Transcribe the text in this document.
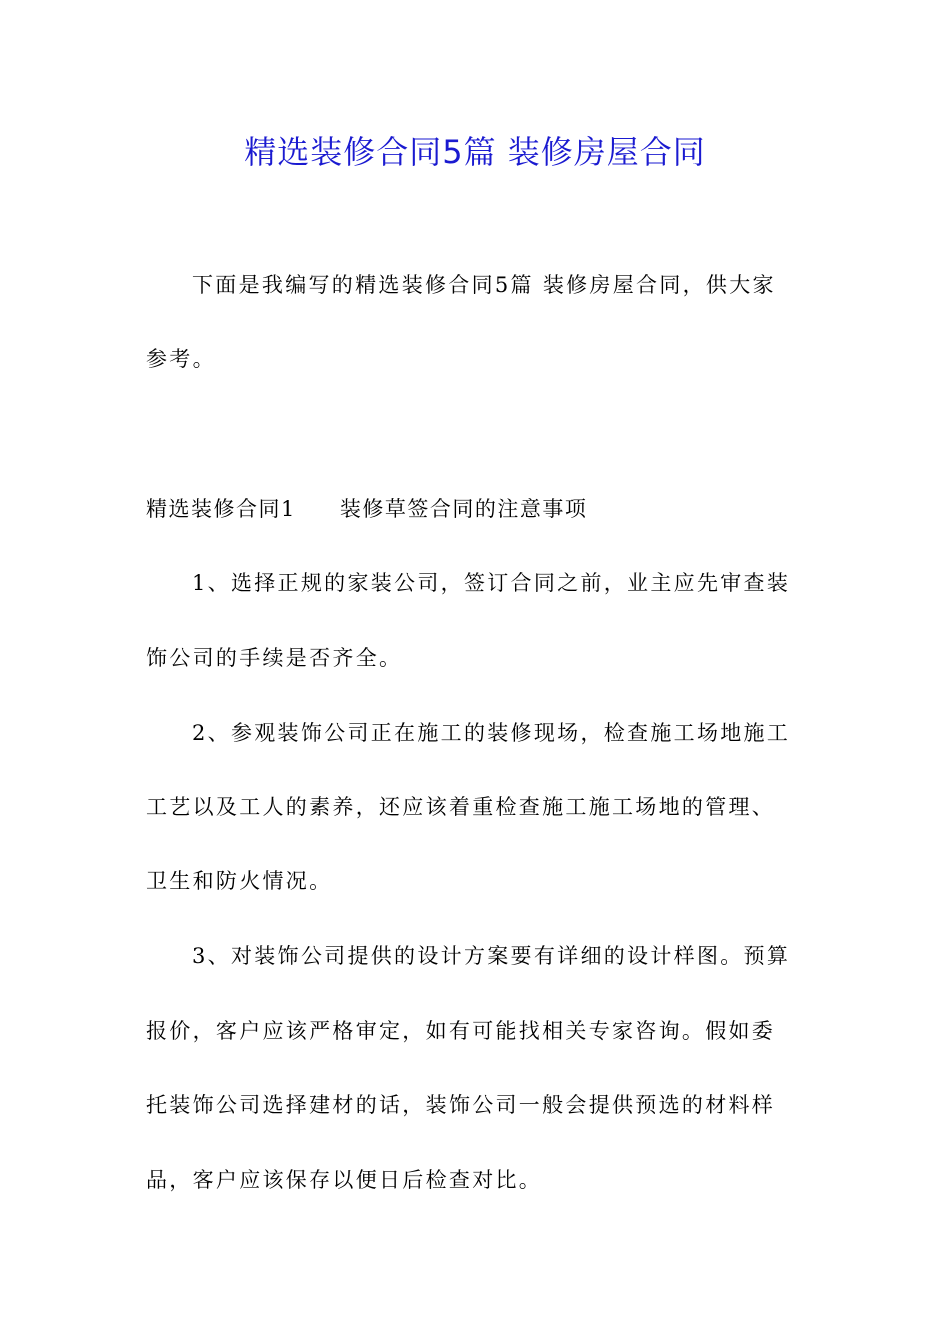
精选装修合同5篇 装修房屋合同
下面是我编写的精选装修合同5篇 装修房屋合同，供大家
参考。
精选装修合同1 装修草签合同的注意事项
1、选择正规的家装公司，签订合同之前，业主应先审查装
饰公司的手续是否齐全。
2、参观装饰公司正在施工的装修现场，检查施工场地施工
工艺以及工人的素养，还应该着重检查施工施工场地的管理、
卫生和防火情况。
3、对装饰公司提供的设计方案要有详细的设计样图。预算
报价，客户应该严格审定，如有可能找相关专家咨询。假如委
托装饰公司选择建材的话，装饰公司一般会提供预选的材料样
品，客户应该保存以便日后检查对比。
